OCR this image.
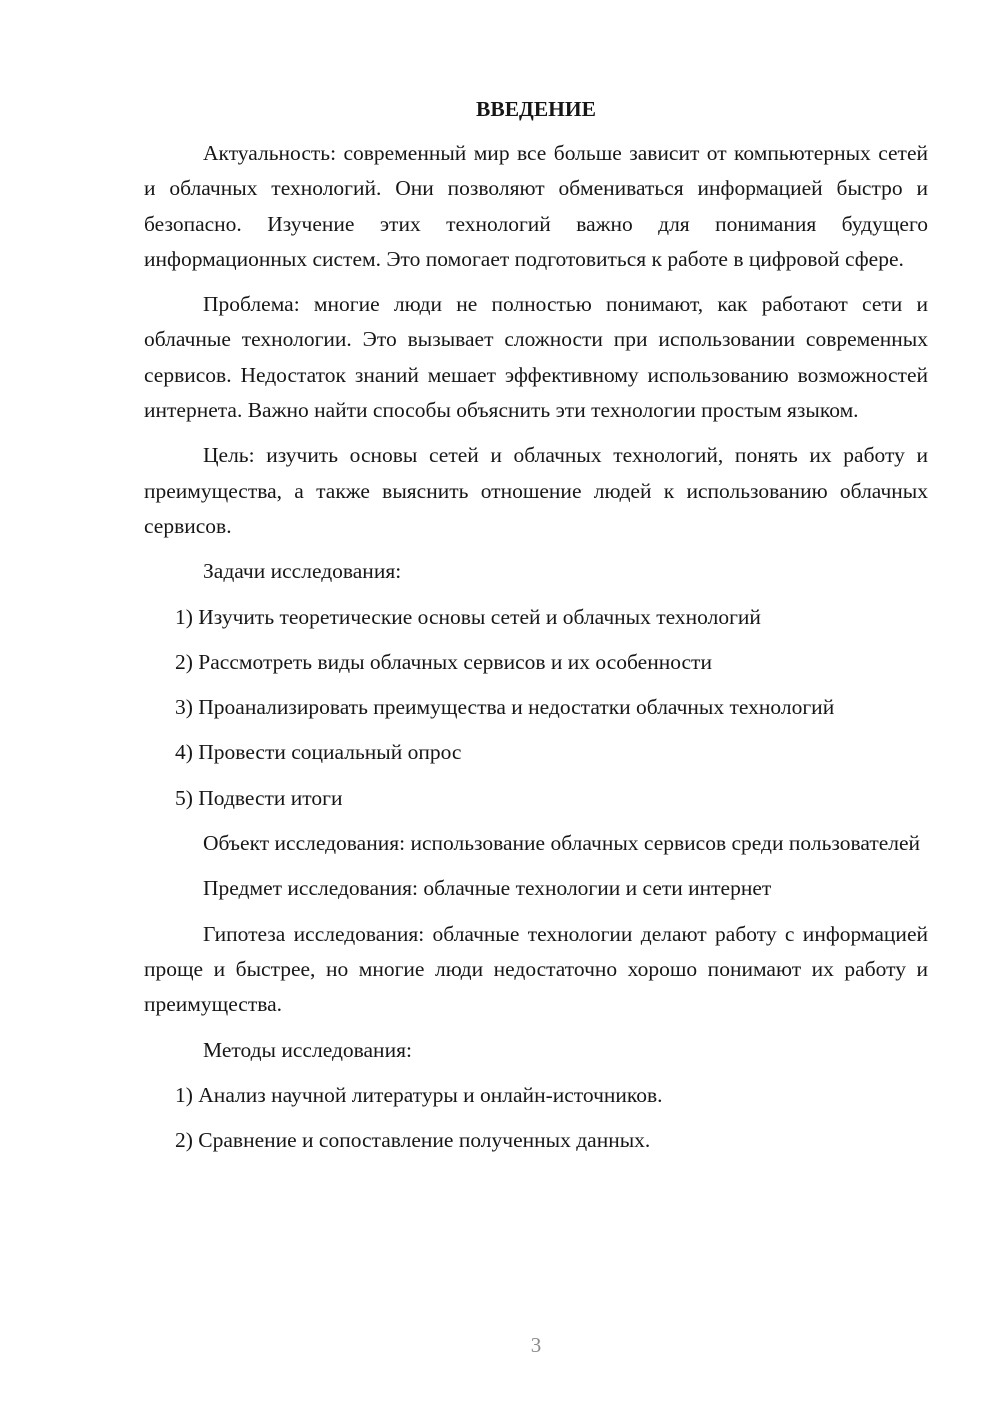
ВВЕДЕНИЕ

Актуальность: современный мир все больше зависит от компьютерных сетей и облачных технологий. Они позволяют обмениваться информацией быстро и безопасно. Изучение этих технологий важно для понимания будущего информационных систем. Это помогает подготовиться к работе в цифровой сфере.

Проблема: многие люди не полностью понимают, как работают сети и облачные технологии. Это вызывает сложности при использовании современных сервисов. Недостаток знаний мешает эффективному использованию возможностей интернета. Важно найти способы объяснить эти технологии простым языком.

Цель: изучить основы сетей и облачных технологий, понять их работу и преимущества, а также выяснить отношение людей к использованию облачных сервисов.

Задачи исследования:

1) Изучить теоретические основы сетей и облачных технологий

2) Рассмотреть виды облачных сервисов и их особенности

3) Проанализировать преимущества и недостатки облачных технологий

4) Провести социальный опрос

5) Подвести итоги

Объект исследования: использование облачных сервисов среди пользователей

Предмет исследования: облачные технологии и сети интернет

Гипотеза исследования: облачные технологии делают работу с информацией проще и быстрее, но многие люди недостаточно хорошо понимают их работу и преимущества.

Методы исследования:

1) Анализ научной литературы и онлайн-источников.

2) Сравнение и сопоставление полученных данных.

3
